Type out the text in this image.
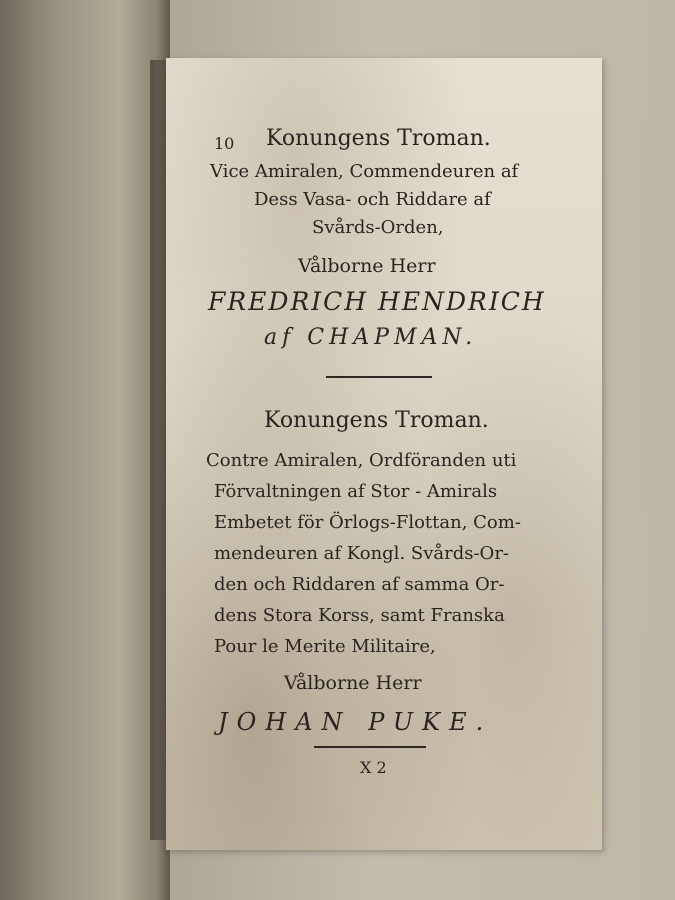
10 Konungens Troman.
Vice Amiralen, Commendeuren af
Dess Vasa- och Riddare af
Svårds-Orden,
Vålborne Herr
FREDRICH HENDRICH
af CHAPMAN.
Konungens Troman.
Contre Amiralen, Ordföranden uti
Förvaltningen af Stor - Amirals
Embetet för Örlogs-Flottan, Com-
mendeuren af Kongl. Svårds-Or-
den och Riddaren af samma Or-
dens Stora Korss, samt Franska
Pour le Merite Militaire,
Vålborne Herr
JOHAN PUKE.
X 2
